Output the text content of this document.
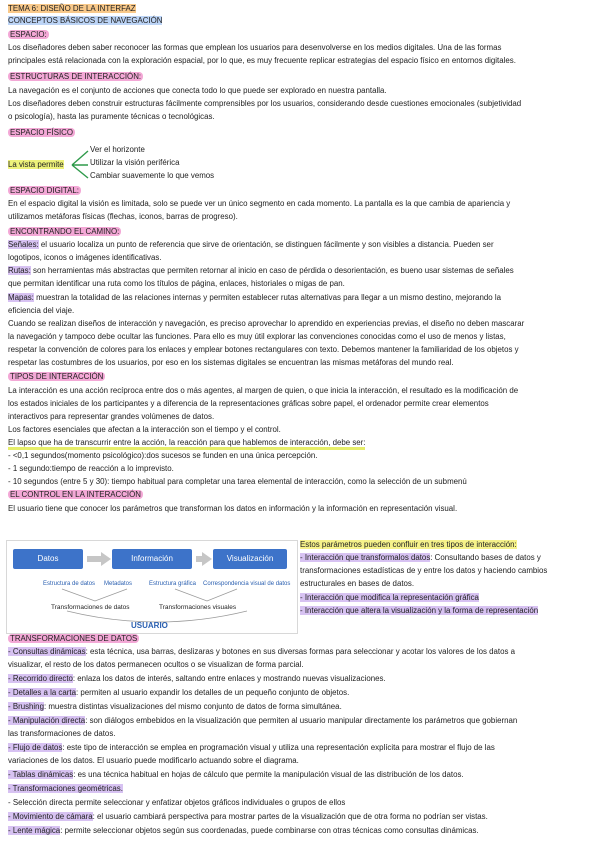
TEMA 6: DISEÑO DE LA INTERFAZ
CONCEPTOS BÁSICOS DE NAVEGACIÓN
ESPACIO:
Los diseñadores deben saber reconocer las formas que emplean los usuarios para desenvolverse en los medios digitales. Una de las formas
principales está relacionada con la exploración espacial, por lo que, es muy frecuente replicar estrategias del espacio físico en entornos digitales.
ESTRUCTURAS DE INTERACCIÓN:
La navegación es el conjunto de acciones que conecta todo lo que puede ser explorado en nuestra pantalla.
Los diseñadores deben construir estructuras fácilmente comprensibles por los usuarios, considerando desde cuestiones emocionales (subjetividad
o psicología), hasta las puramente técnicas o tecnológicas.
ESPACIO FÍSICO
La vista permite
Ver el horizonte
Utilizar la visión periférica
Cambiar suavemente lo que vemos
ESPACIO DIGITAL:
En el espacio digital la visión es limitada, solo se puede ver un único segmento en cada momento. La pantalla es la que cambia de apariencia y
utilizamos metáforas físicas (flechas, iconos, barras de progreso).
ENCONTRANDO EL CAMINO:
Señales: el usuario localiza un punto de referencia que sirve de orientación, se distinguen fácilmente y son visibles a distancia. Pueden ser
logotipos, iconos o imágenes identificativas.
Rutas: son herramientas más abstractas que permiten retornar al inicio en caso de pérdida o desorientación, es bueno usar sistemas de señales
que permitan identificar una ruta como los títulos de página, enlaces, historiales o migas de pan.
Mapas: muestran la totalidad de las relaciones internas y permiten establecer rutas alternativas para llegar a un mismo destino, mejorando la
eficiencia del viaje.
Cuando se realizan diseños de interacción y navegación, es preciso aprovechar lo aprendido en experiencias previas, el diseño no deben mascarar
la navegación y tampoco debe ocultar las funciones. Para ello es muy útil explorar las convenciones conocidas como el uso de menos y listas,
respetar la convención de colores para los enlaces y emplear botones rectangulares con texto. Debemos mantener la familiaridad de los objetos y
respetar las costumbres de los usuarios, por eso en los sistemas digitales se encuentran las mismas metáforas del mundo real.
TIPOS DE INTERACCIÓN
La interacción es una acción recíproca entre dos o más agentes, al margen de quien, o que inicia la interacción, el resultado es la modificación de
los estados iniciales de los participantes y a diferencia de la representaciones gráficas sobre papel, el ordenador permite crear elementos
interactivos para representar grandes volúmenes de datos.
Los factores esenciales que afectan a la interacción son el tiempo y el control.
El lapso que ha de transcurrir entre la acción, la reacción para que hablemos de interacción, debe ser:
- <0,1 segundos(momento psicológico):dos sucesos se funden en una única percepción.
- 1 segundo:tiempo de reacción a lo imprevisto.
- 10 segundos (entre 5 y 30): tiempo habitual para completar una tarea elemental de interacción, como la selección de un submenú
EL CONTROL EN LA INTERACCIÓN
El usuario tiene que conocer los parámetros que transforman los datos en información y la información en representación visual.
Datos	Información	Visualización
Estructura de datos Metadatos	Estructura gráfica Correspondencia visual de datos
Transformaciones de datos	Transformaciones visuales
USUARIO
Estos parámetros pueden confluir en tres tipos de interacción:
- Interacción que transformalos datos: Consultando bases de datos y
transformaciones estadísticas de y entre los datos y haciendo cambios
estructurales en bases de datos.
- Interacción que modifica la representación gráfica
- Interacción que altera la visualización y la forma de representación
TRANSFORMACIONES DE DATOS
- Consultas dinámicas: esta técnica, usa barras, deslizaras y botones en sus diversas formas para seleccionar y acotar los valores de los datos a
visualizar, el resto de los datos permanecen ocultos o se visualizan de forma parcial.
- Recorrido directo: enlaza los datos de interés, saltando entre enlaces y mostrando nuevas visualizaciones.
- Detalles a la carta: permiten al usuario expandir los detalles de un pequeño conjunto de objetos.
- Brushing: muestra distintas visualizaciones del mismo conjunto de datos de forma simultánea.
- Manipulación directa: son diálogos embebidos en la visualización que permiten al usuario manipular directamente los parámetros que gobiernan
las transformaciones de datos.
- Flujo de datos: este tipo de interacción se emplea en programación visual y utiliza una representación explícita para mostrar el flujo de las
variaciones de los datos. El usuario puede modificarlo actuando sobre el diagrama.
- Tablas dinámicas: es una técnica habitual en hojas de cálculo que permite la manipulación visual de las distribución de los datos.
- Transformaciones geométricas.
- Selección directa permite seleccionar y enfatizar objetos gráficos individuales o grupos de ellos
- Movimiento de cámara: el usuario cambiará perspectiva para mostrar partes de la visualización que de otra forma no podrían ser vistas.
- Lente mágica: permite seleccionar objetos según sus coordenadas, puede combinarse con otras técnicas como consultas dinámicas.
